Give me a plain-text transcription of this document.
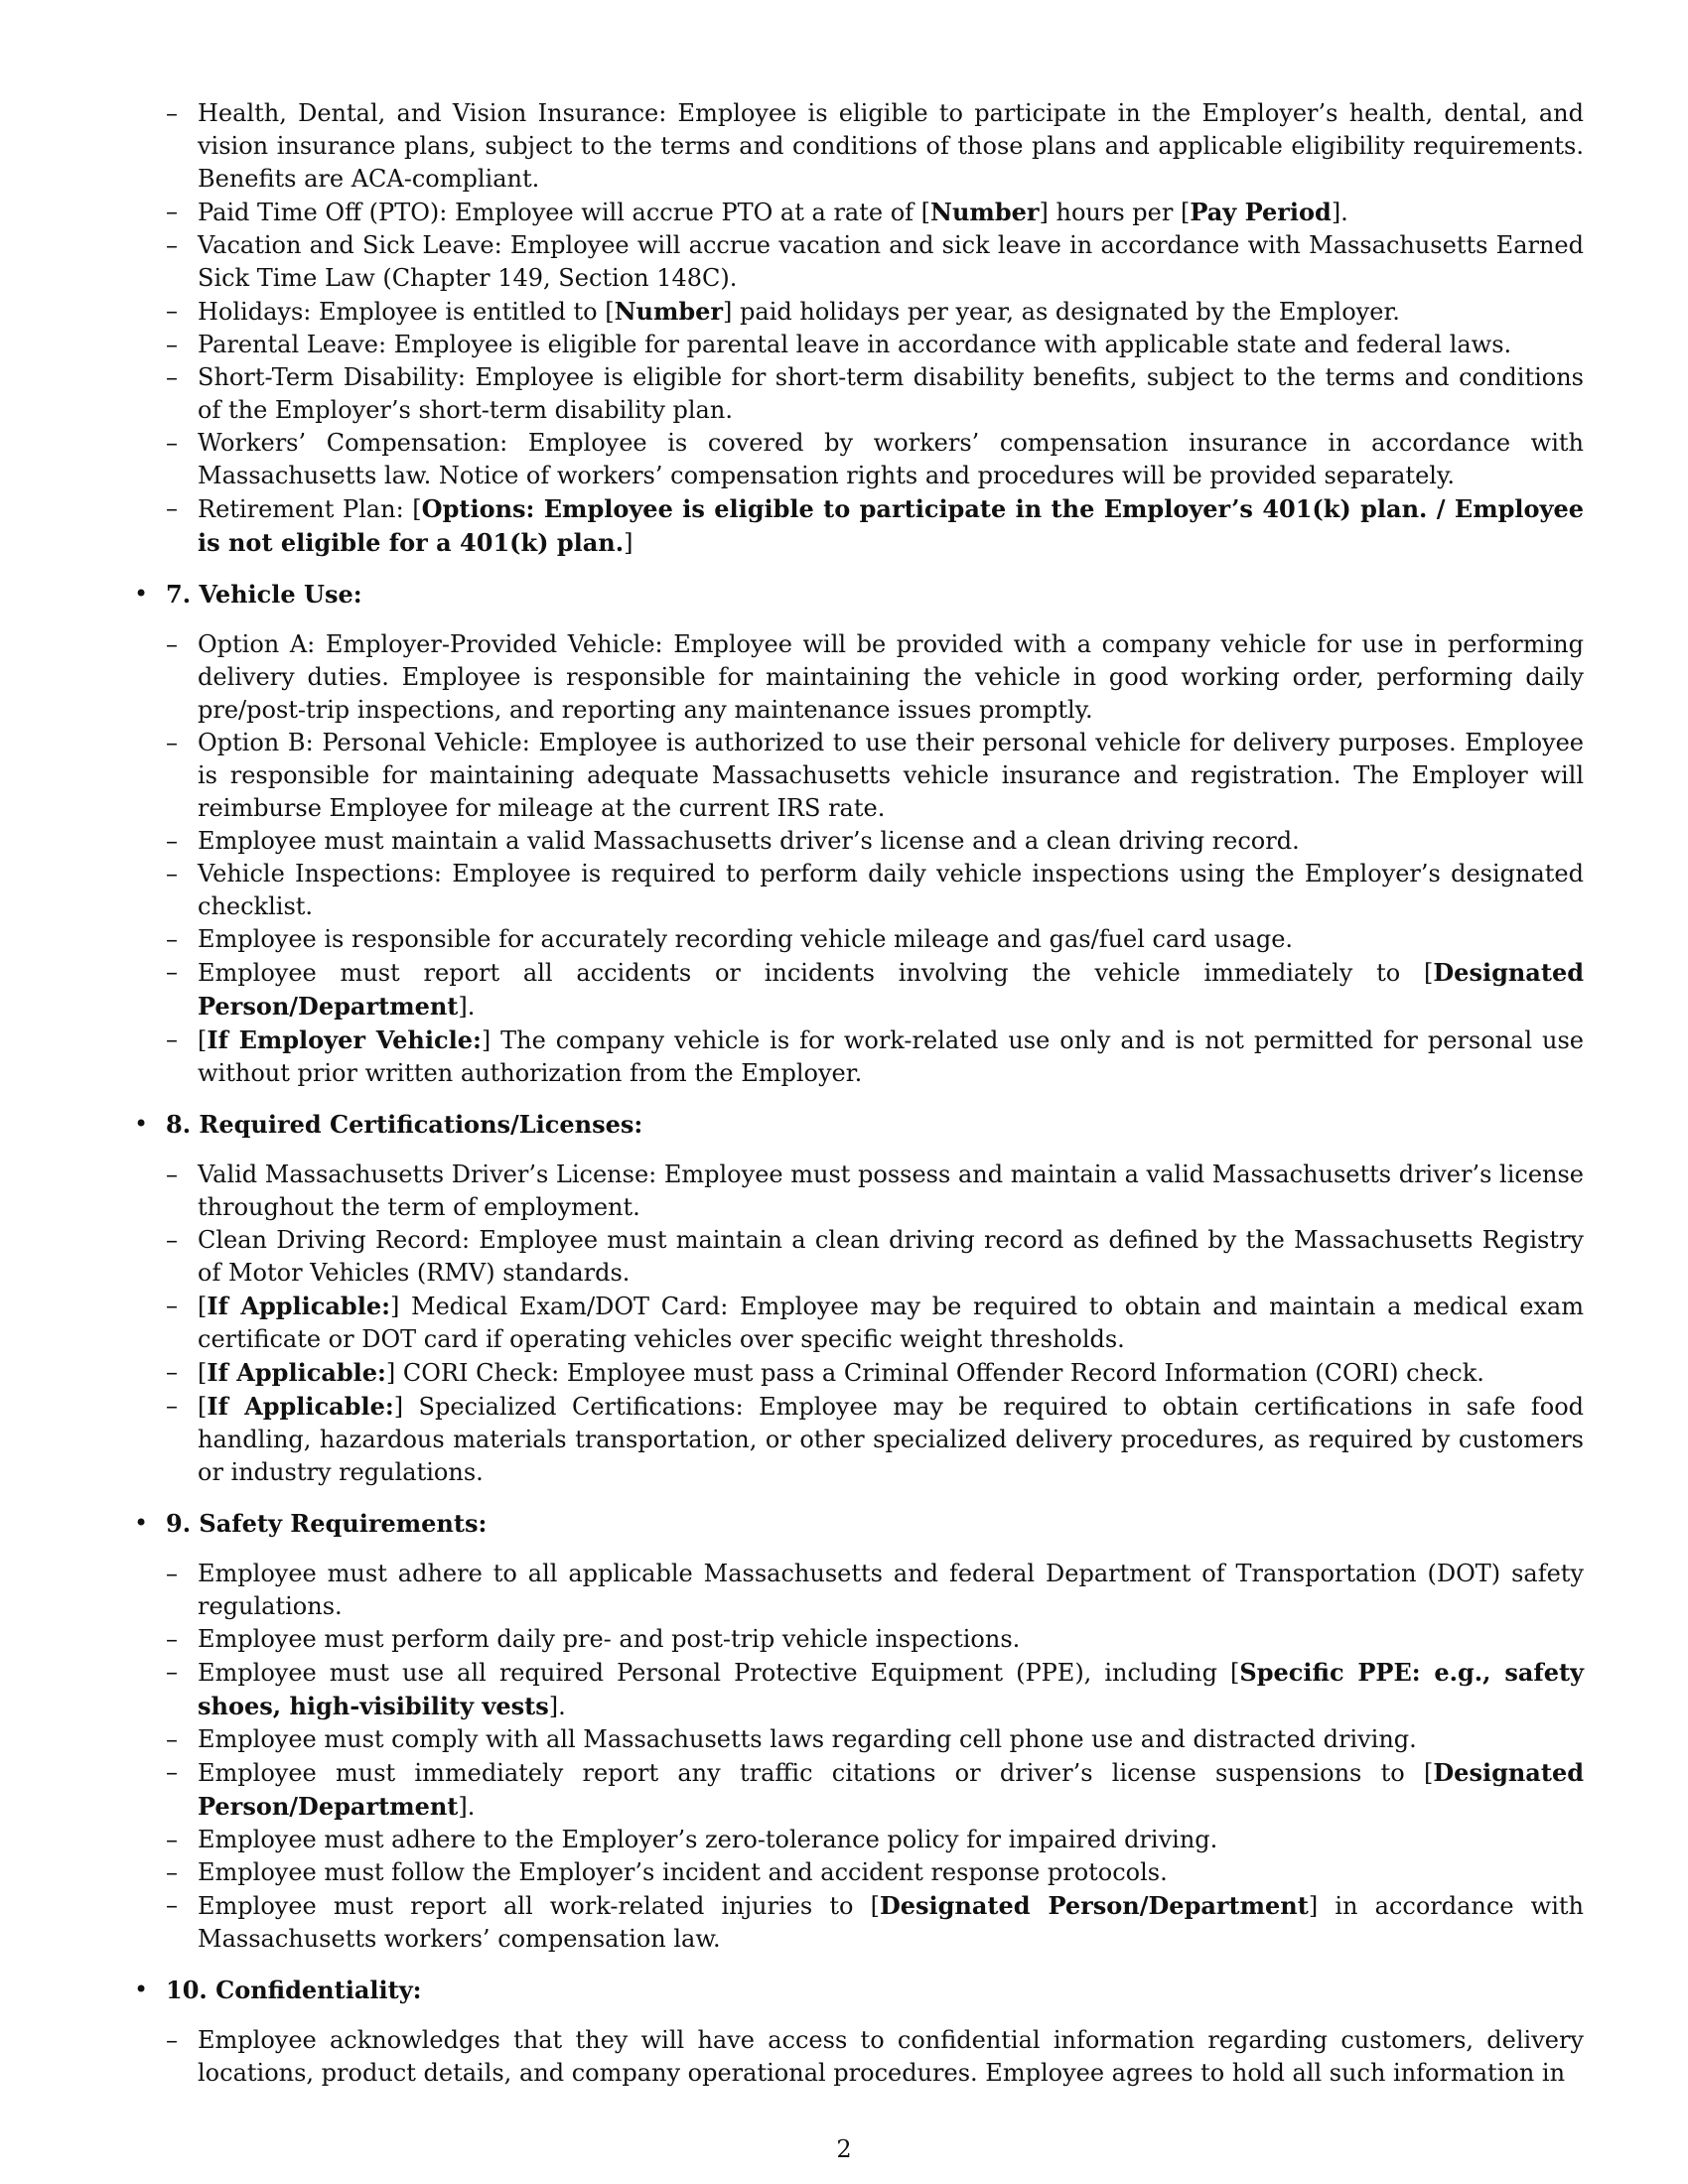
– Health, Dental, and Vision Insurance: Employee is eligible to participate in the Employer’s health, dental, and vision insurance plans, subject to the terms and conditions of those plans and applicable eligibility requirements. Benefits are ACA-compliant.
– Paid Time Off (PTO): Employee will accrue PTO at a rate of [Number] hours per [Pay Period].
– Vacation and Sick Leave: Employee will accrue vacation and sick leave in accordance with Massachusetts Earned Sick Time Law (Chapter 149, Section 148C).
– Holidays: Employee is entitled to [Number] paid holidays per year, as designated by the Employer.
– Parental Leave: Employee is eligible for parental leave in accordance with applicable state and federal laws.
– Short-Term Disability: Employee is eligible for short-term disability benefits, subject to the terms and conditions of the Employer’s short-term disability plan.
– Workers’ Compensation: Employee is covered by workers’ compensation insurance in accordance with Massachusetts law. Notice of workers’ compensation rights and procedures will be provided separately.
– Retirement Plan: [Options: Employee is eligible to participate in the Employer’s 401(k) plan. / Employee is not eligible for a 401(k) plan.]
• 7. Vehicle Use:
– Option A: Employer-Provided Vehicle: Employee will be provided with a company vehicle for use in performing delivery duties. Employee is responsible for maintaining the vehicle in good working order, performing daily pre/post-trip inspections, and reporting any maintenance issues promptly.
– Option B: Personal Vehicle: Employee is authorized to use their personal vehicle for delivery purposes. Employee is responsible for maintaining adequate Massachusetts vehicle insurance and registration. The Employer will reimburse Employee for mileage at the current IRS rate.
– Employee must maintain a valid Massachusetts driver’s license and a clean driving record.
– Vehicle Inspections: Employee is required to perform daily vehicle inspections using the Employer’s designated checklist.
– Employee is responsible for accurately recording vehicle mileage and gas/fuel card usage.
– Employee must report all accidents or incidents involving the vehicle immediately to [Designated Person/Department].
– [If Employer Vehicle:] The company vehicle is for work-related use only and is not permitted for personal use without prior written authorization from the Employer.
• 8. Required Certifications/Licenses:
– Valid Massachusetts Driver’s License: Employee must possess and maintain a valid Massachusetts driver’s license throughout the term of employment.
– Clean Driving Record: Employee must maintain a clean driving record as defined by the Massachusetts Registry of Motor Vehicles (RMV) standards.
– [If Applicable:] Medical Exam/DOT Card: Employee may be required to obtain and maintain a medical exam certificate or DOT card if operating vehicles over specific weight thresholds.
– [If Applicable:] CORI Check: Employee must pass a Criminal Offender Record Information (CORI) check.
– [If Applicable:] Specialized Certifications: Employee may be required to obtain certifications in safe food handling, hazardous materials transportation, or other specialized delivery procedures, as required by customers or industry regulations.
• 9. Safety Requirements:
– Employee must adhere to all applicable Massachusetts and federal Department of Transportation (DOT) safety regulations.
– Employee must perform daily pre- and post-trip vehicle inspections.
– Employee must use all required Personal Protective Equipment (PPE), including [Specific PPE: e.g., safety shoes, high-visibility vests].
– Employee must comply with all Massachusetts laws regarding cell phone use and distracted driving.
– Employee must immediately report any traffic citations or driver’s license suspensions to [Designated Person/Department].
– Employee must adhere to the Employer’s zero-tolerance policy for impaired driving.
– Employee must follow the Employer’s incident and accident response protocols.
– Employee must report all work-related injuries to [Designated Person/Department] in accordance with Massachusetts workers’ compensation law.
• 10. Confidentiality:
– Employee acknowledges that they will have access to confidential information regarding customers, delivery locations, product details, and company operational procedures. Employee agrees to hold all such information in
2
